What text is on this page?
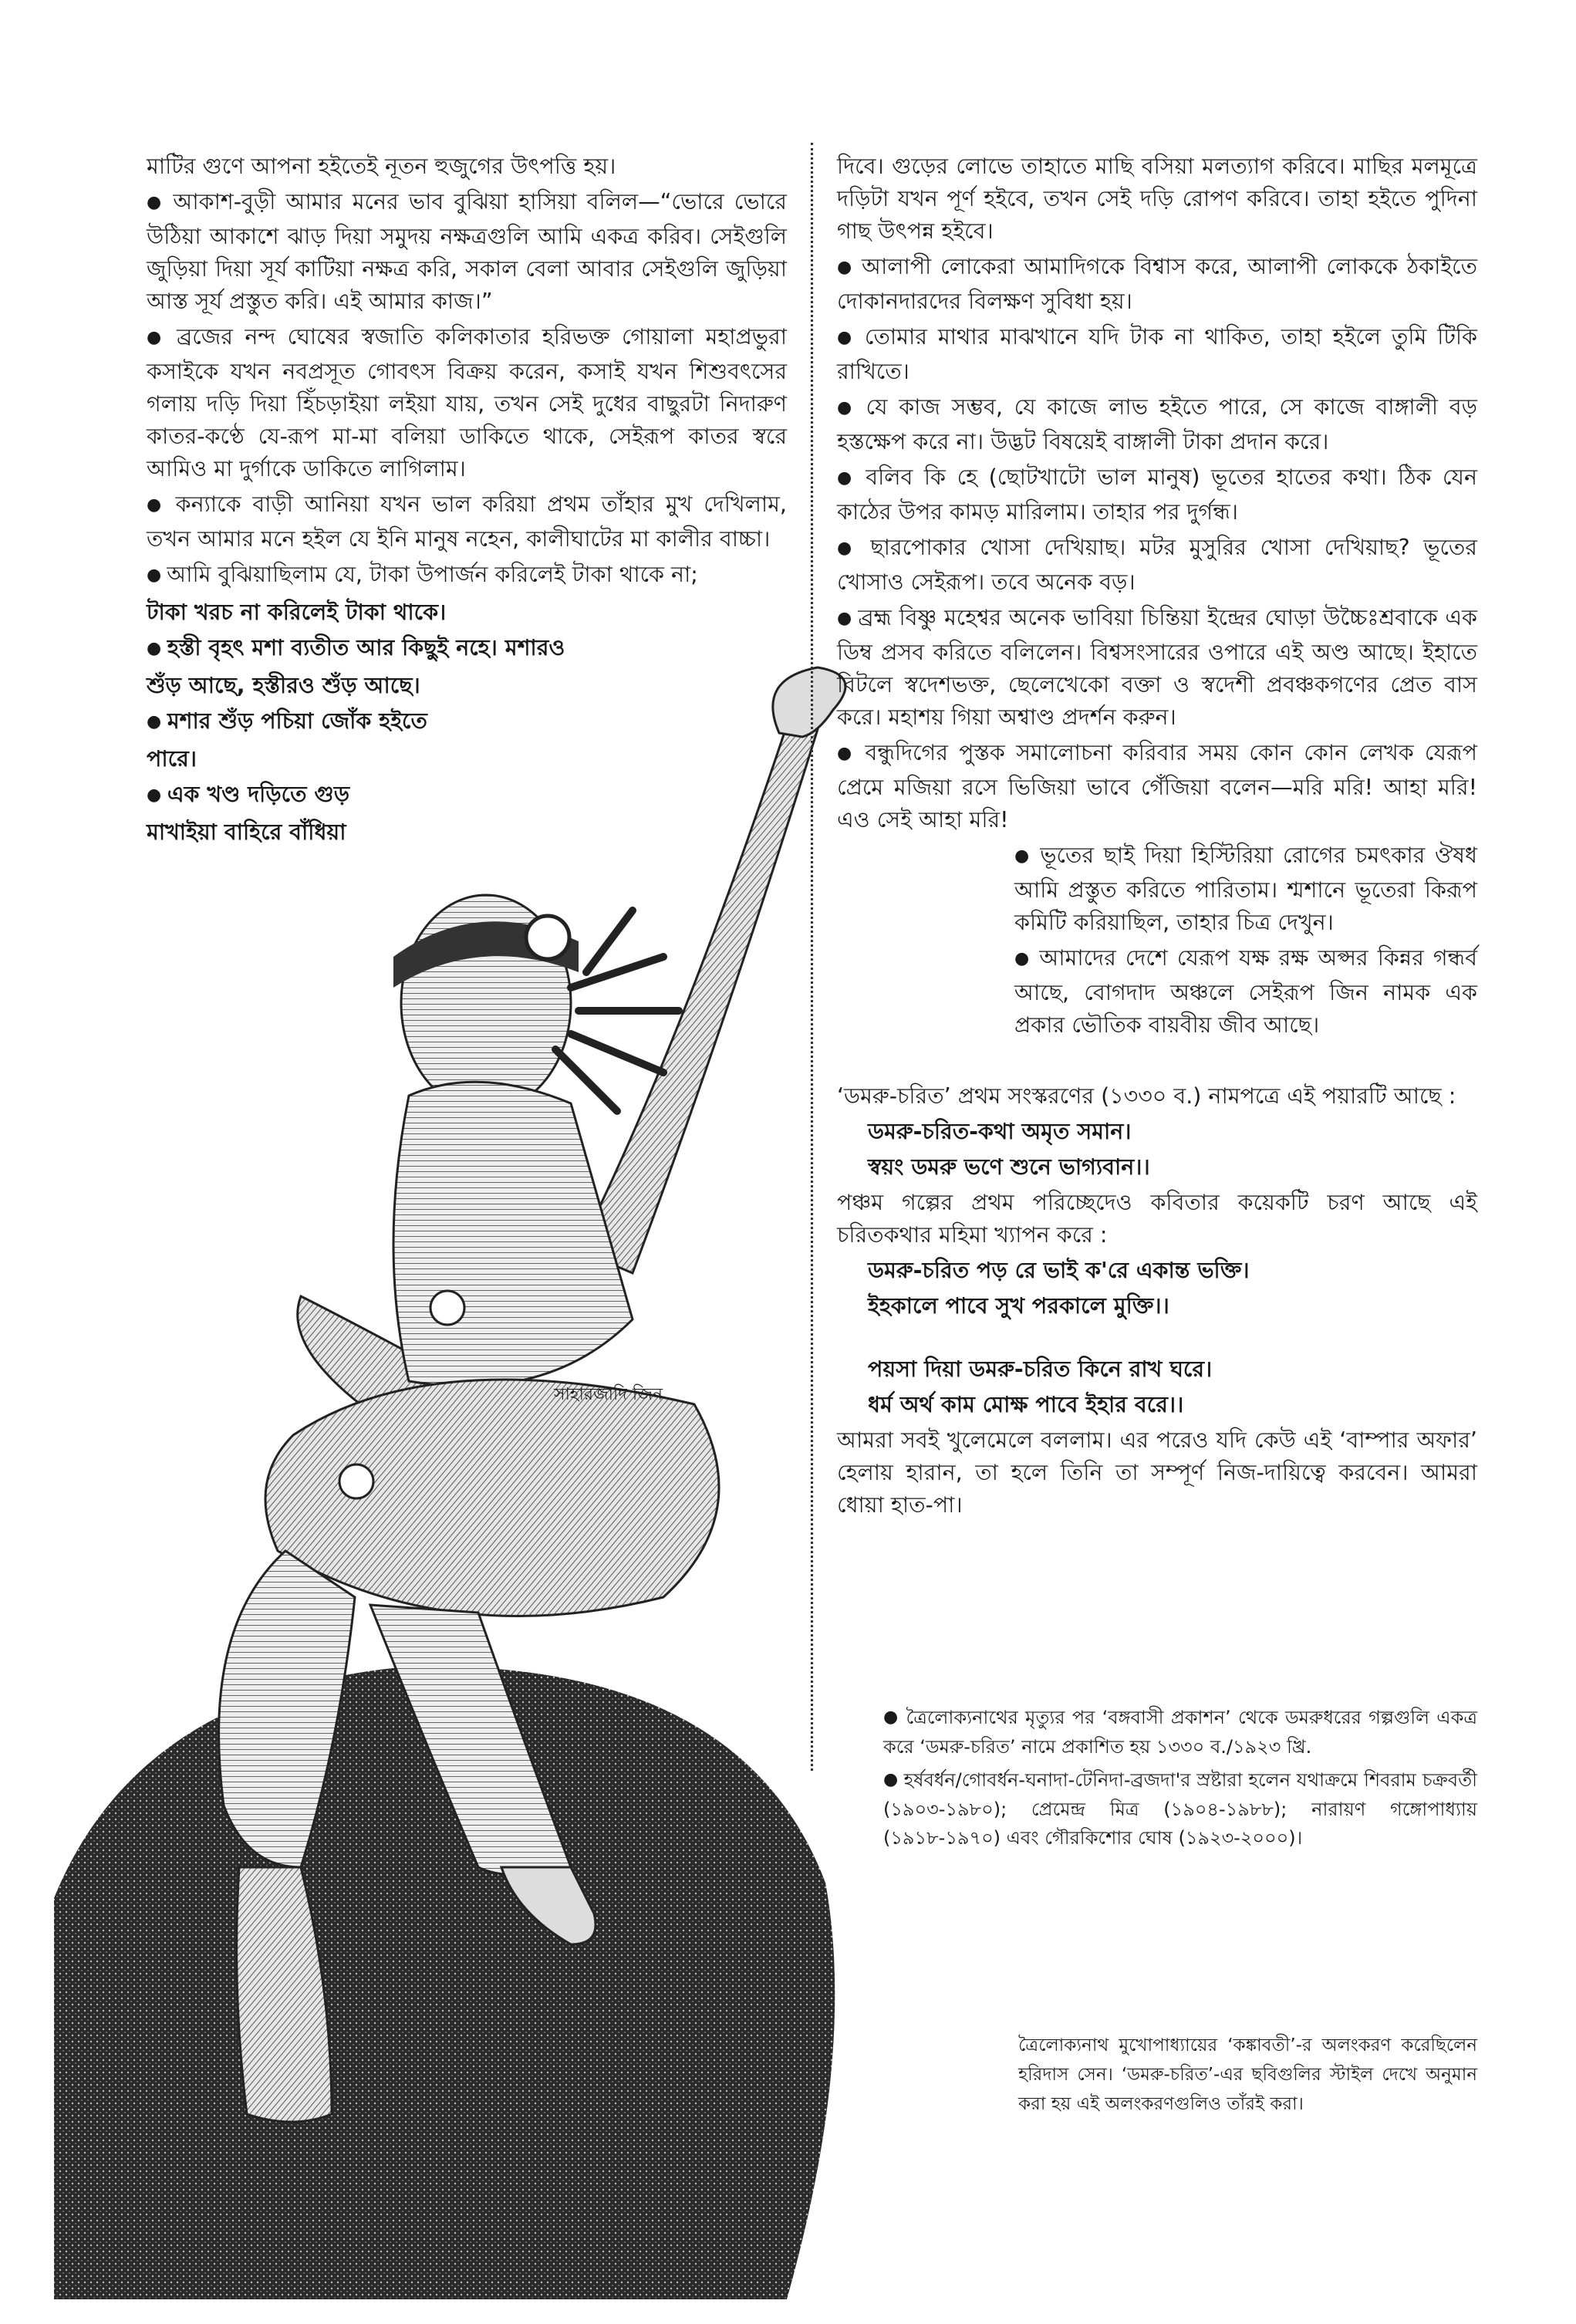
মাটির গুণে আপনা হইতেই নূতন হুজুগের উৎপত্তি হয়।

● আকাশ-বুড়ী আমার মনের ভাব বুঝিয়া হাসিয়া বলিল—“ভোরে ভোরে উঠিয়া আকাশে ঝাড় দিয়া সমুদয় নক্ষত্রগুলি আমি একত্র করিব। সেইগুলি জুড়িয়া দিয়া সূর্য কাটিয়া নক্ষত্র করি, সকাল বেলা আবার সেইগুলি জুড়িয়া আস্ত সূর্য প্রস্তুত করি। এই আমার কাজ।”

● ব্রজের নন্দ ঘোষের স্বজাতি কলিকাতার হরিভক্ত গোয়ালা মহাপ্রভুরা কসাইকে যখন নবপ্রসূত গোবৎস বিক্রয় করেন, কসাই যখন শিশুবৎসের গলায় দড়ি দিয়া হিঁচড়াইয়া লইয়া যায়, তখন সেই দুধের বাছুরটা নিদারুণ কাতর-কণ্ঠে যে-রূপ মা-মা বলিয়া ডাকিতে থাকে, সেইরূপ কাতর স্বরে আমিও মা দুর্গাকে ডাকিতে লাগিলাম।

● কন্যাকে বাড়ী আনিয়া যখন ভাল করিয়া প্রথম তাঁহার মুখ দেখিলাম, তখন আমার মনে হইল যে ইনি মানুষ নহেন, কালীঘাটের মা কালীর বাচ্চা।

● আমি বুঝিয়াছিলাম যে, টাকা উপার্জন করিলেই টাকা থাকে না;

টাকা খরচ না করিলেই টাকা থাকে।

● হস্তী বৃহৎ মশা ব্যতীত আর কিছুই নহে। মশারও

শুঁড় আছে, হস্তীরও শুঁড় আছে।

● মশার শুঁড় পচিয়া জোঁক হইতে

পারে।

● এক খণ্ড দড়িতে গুড়

মাখাইয়া বাহিরে বাঁধিয়া

সাহারজাদি জিন

দিবে। গুড়ের লোভে তাহাতে মাছি বসিয়া মলত্যাগ করিবে। মাছির মলমূত্রে দড়িটা যখন পূর্ণ হইবে, তখন সেই দড়ি রোপণ করিবে। তাহা হইতে পুদিনা গাছ উৎপন্ন হইবে।

● আলাপী লোকেরা আমাদিগকে বিশ্বাস করে, আলাপী লোককে ঠকাইতে দোকানদারদের বিলক্ষণ সুবিধা হয়।

● তোমার মাথার মাঝখানে যদি টাক না থাকিত, তাহা হইলে তুমি টিকি রাখিতে।

● যে কাজ সম্ভব, যে কাজে লাভ হইতে পারে, সে কাজে বাঙ্গালী বড় হস্তক্ষেপ করে না। উদ্ভট বিষয়েই বাঙ্গালী টাকা প্রদান করে।

● বলিব কি হে (ছোটখাটো ভাল মানুষ) ভূতের হাতের কথা। ঠিক যেন কাঠের উপর কামড় মারিলাম। তাহার পর দুর্গন্ধ।

● ছারপোকার খোসা দেখিয়াছ। মটর মুসুরির খোসা দেখিয়াছ? ভূতের খোসাও সেইরূপ। তবে অনেক বড়।

● ব্রহ্ম বিষ্ণু মহেশ্বর অনেক ভাবিয়া চিন্তিয়া ইন্দ্রের ঘোড়া উচ্চৈঃশ্রবাকে এক ডিম্ব প্রসব করিতে বলিলেন। বিশ্বসংসারের ওপারে এই অণ্ড আছে। ইহাতে বিটলে স্বদেশভক্ত, ছেলেখেকো বক্তা ও স্বদেশী প্রবঞ্চকগণের প্রেত বাস করে। মহাশয় গিয়া অশ্বাণ্ড প্রদর্শন করুন।

● বন্ধুদিগের পুস্তক সমালোচনা করিবার সময় কোন কোন লেখক যেরূপ প্রেমে মজিয়া রসে ভিজিয়া ভাবে গেঁজিয়া বলেন—মরি মরি! আহা মরি! এও সেই আহা মরি!

● ভূতের ছাই দিয়া হিস্টিরিয়া রোগের চমৎকার ঔষধ আমি প্রস্তুত করিতে পারিতাম। শ্মশানে ভূতেরা কিরূপ কমিটি করিয়াছিল, তাহার চিত্র দেখুন।

● আমাদের দেশে যেরূপ যক্ষ রক্ষ অপ্সর কিন্নর গন্ধর্ব আছে, বোগদাদ অঞ্চলে সেইরূপ জিন নামক এক প্রকার ভৌতিক বায়বীয় জীব আছে।

‘ডমরু-চরিত’ প্রথম সংস্করণের (১৩৩০ ব.) নামপত্রে এই পয়ারটি আছে :

ডমরু-চরিত-কথা অমৃত সমান।

স্বয়ং ডমরু ভণে শুনে ভাগ্যবান।।

পঞ্চম গল্পের প্রথম পরিচ্ছেদেও কবিতার কয়েকটি চরণ আছে এই চরিতকথার মহিমা খ্যাপন করে :

ডমরু-চরিত পড় রে ভাই ক'রে একান্ত ভক্তি।

ইহকালে পাবে সুখ পরকালে মুক্তি।।

পয়সা দিয়া ডমরু-চরিত কিনে রাখ ঘরে।

ধর্ম অর্থ কাম মোক্ষ পাবে ইহার বরে।।

আমরা সবই খুলেমেলে বললাম। এর পরেও যদি কেউ এই ‘বাম্পার অফার’ হেলায় হারান, তা হলে তিনি তা সম্পূর্ণ নিজ-দায়িত্বে করবেন। আমরা ধোয়া হাত-পা।

● ত্রৈলোক্যনাথের মৃত্যুর পর ‘বঙ্গবাসী প্রকাশন’ থেকে ডমরুধরের গল্পগুলি একত্র করে ‘ডমরু-চরিত’ নামে প্রকাশিত হয় ১৩৩০ ব./১৯২৩ খ্রি.

● হর্ষবর্ধন/গোবর্ধন-ঘনাদা-টেনিদা-ব্রজদা'র স্রষ্টারা হলেন যথাক্রমে শিবরাম চক্রবর্তী (১৯০৩-১৯৮০); প্রেমেন্দ্র মিত্র (১৯০৪-১৯৮৮); নারায়ণ গঙ্গোপাধ্যায় (১৯১৮-১৯৭০) এবং গৌরকিশোর ঘোষ (১৯২৩-২০০০)।

ত্রৈলোক্যনাথ মুখোপাধ্যায়ের ‘কঙ্কাবতী’-র অলংকরণ করেছিলেন হরিদাস সেন। ‘ডমরু-চরিত’-এর ছবিগুলির স্টাইল দেখে অনুমান করা হয় এই অলংকরণগুলিও তাঁরই করা।
